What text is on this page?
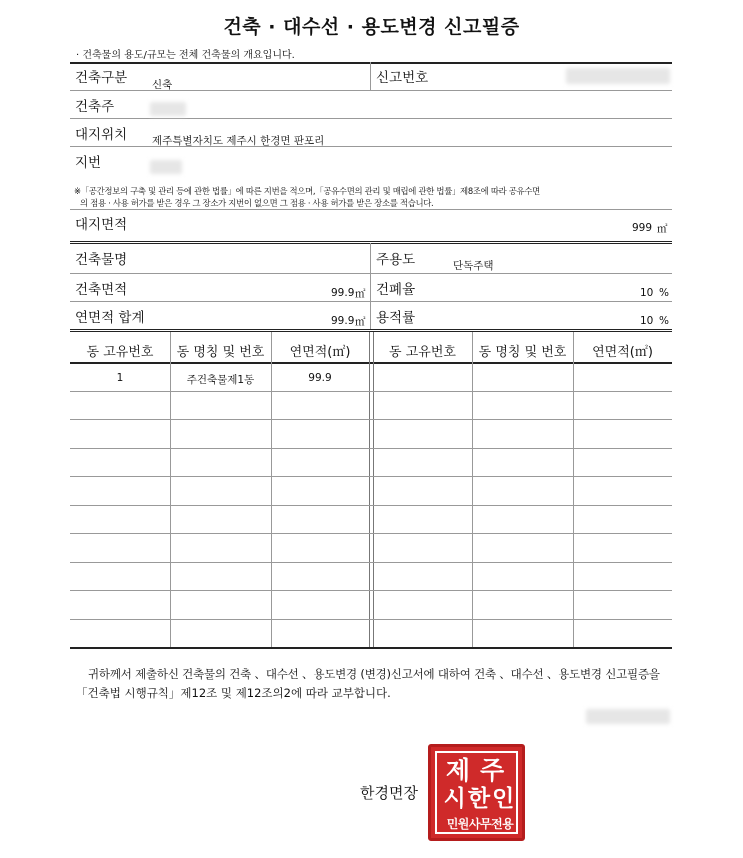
건축 · 대수선 · 용도변경 신고필증
· 건축물의 용도/규모는 전체 건축물의 개요입니다.
건축구분 신축	신고번호
건축주
대지위치 제주특별자치도 제주시 한경면 판포리
지번
※「공간정보의 구축 및 관리 등에 관한 법률」에 따른 지번을 적으며,「공유수면의 관리 및 매립에 관한 법률」제8조에 따라 공유수면
의 점용 · 사용 허가를 받은 경우 그 장소가 지번이 없으면 그 점용 · 사용 허가를 받은 장소를 적습니다.
대지면적	999 ㎡
건축물명	주용도	단독주택
건축면적	99.9 ㎡ 건폐율	10 %
연면적 합계	99.9 ㎡ 용적률	10 %
동 고유번호	동 명칭 및 번호	연면적(㎡)	동 고유번호	동 명칭 및 번호	연면적(㎡)
1	주건축물제1동	99.9
귀하께서 제출하신 건축물의 건축 、대수선 、용도변경 (변경)신고서에 대하여 건축 、대수선 、용도변경 신고필증을
「건축법 시행규칙」제12조 및 제12조의2에 따라 교부합니다.
한경면장
제주
시한인
민원사무전용
